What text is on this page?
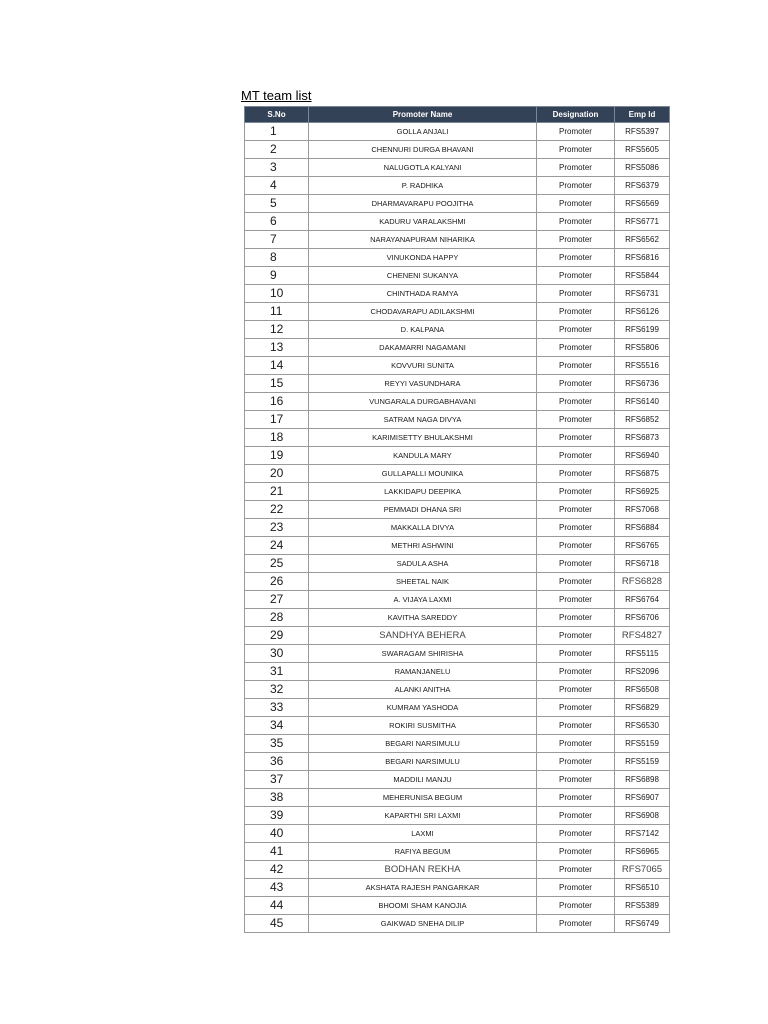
MT team list
S.No	Promoter Name	Designation	Emp Id
1	GOLLA ANJALI	Promoter	RFS5397
2	CHENNURI DURGA BHAVANI	Promoter	RFS5605
3	NALUGOTLA KALYANI	Promoter	RFS5086
4	P. RADHIKA	Promoter	RFS6379
5	DHARMAVARAPU POOJITHA	Promoter	RFS6569
6	KADURU VARALAKSHMI	Promoter	RFS6771
7	NARAYANAPURAM NIHARIKA	Promoter	RFS6562
8	VINUKONDA HAPPY	Promoter	RFS6816
9	CHENENI SUKANYA	Promoter	RFS5844
10	CHINTHADA RAMYA	Promoter	RFS6731
11	CHODAVARAPU ADILAKSHMI	Promoter	RFS6126
12	D. KALPANA	Promoter	RFS6199
13	DAKAMARRI NAGAMANI	Promoter	RFS5806
14	KOVVURI SUNITA	Promoter	RFS5516
15	REYYI VASUNDHARA	Promoter	RFS6736
16	VUNGARALA DURGABHAVANI	Promoter	RFS6140
17	SATRAM NAGA DIVYA	Promoter	RFS6852
18	KARIMISETTY BHULAKSHMI	Promoter	RFS6873
19	KANDULA MARY	Promoter	RFS6940
20	GULLAPALLI MOUNIKA	Promoter	RFS6875
21	LAKKIDAPU DEEPIKA	Promoter	RFS6925
22	PEMMADI DHANA SRI	Promoter	RFS7068
23	MAKKALLA DIVYA	Promoter	RFS6884
24	METHRI ASHWINI	Promoter	RFS6765
25	SADULA ASHA	Promoter	RFS6718
26	SHEETAL NAIK	Promoter	RFS6828
27	A. VIJAYA LAXMI	Promoter	RFS6764
28	KAVITHA SAREDDY	Promoter	RFS6706
29	SANDHYA BEHERA	Promoter	RFS4827
30	SWARAGAM SHIRISHA	Promoter	RFS5115
31	RAMANJANELU	Promoter	RFS2096
32	ALANKI ANITHA	Promoter	RFS6508
33	KUMRAM YASHODA	Promoter	RFS6829
34	ROKIRI SUSMITHA	Promoter	RFS6530
35	BEGARI NARSIMULU	Promoter	RFS5159
36	BEGARI NARSIMULU	Promoter	RFS5159
37	MADDILI MANJU	Promoter	RFS6898
38	MEHERUNISA BEGUM	Promoter	RFS6907
39	KAPARTHI SRI LAXMI	Promoter	RFS6908
40	LAXMI	Promoter	RFS7142
41	RAFIYA BEGUM	Promoter	RFS6965
42	BODHAN REKHA	Promoter	RFS7065
43	AKSHATA RAJESH PANGARKAR	Promoter	RFS6510
44	BHOOMI SHAM KANOJIA	Promoter	RFS5389
45	GAIKWAD SNEHA DILIP	Promoter	RFS6749
